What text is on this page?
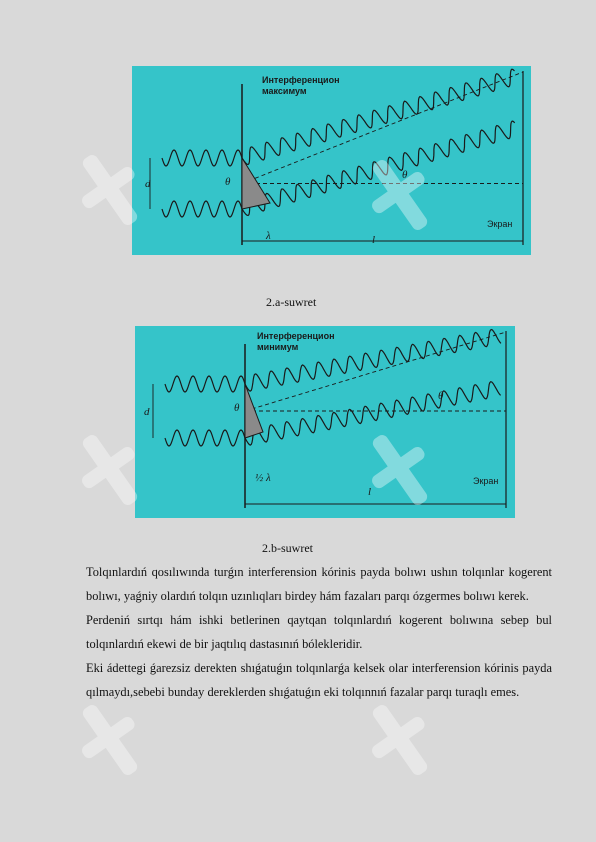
Интерференцион
максимум
d	θ
θ
λ	l
Экран
2.a-suwret
Интерференцион
минимум
d	θ
θ
½ λ
l
Экран
2.b-suwret

Tolqınlardıń qosılıwında turǵın interferension kórinis payda bolıwı ushın tolqınlar kogerent bolıwı, yaǵniy olardıń tolqın uzınlıqları birdey hám fazaları parqı ózgermes bolıwı kerek.

Perdeniń sırtqı hám ishki betlerinen qaytqan tolqınlardıń kogerent bolıwına sebep bul tolqınlardıń ekewi de bir jaqtılıq dastasınıń bólekleridir.

Eki ádettegi ǵarezsiz derekten shıǵatuǵın tolqınlarǵa kelsek olar interferension kórinis payda qılmaydı,sebebi bunday dereklerden shıǵatuǵın eki tolqınnıń fazalar parqı turaqlı emes.
